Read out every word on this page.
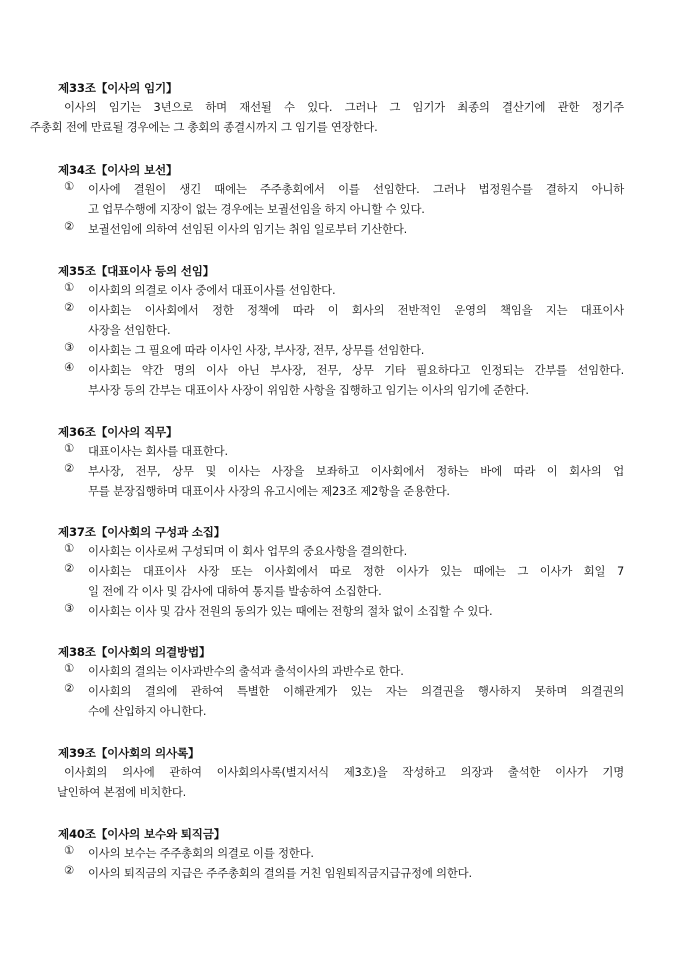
제33조【이사의 임기】
이사의 임기는 3년으로 하며 재선될 수 있다. 그러나 그 임기가 최종의 결산기에 관한 정기주
주총회 전에 만료될 경우에는 그 총회의 종결시까지 그 임기를 연장한다.
제34조【이사의 보선】
①	이사에 결원이 생긴 때에는 주주총회에서 이를 선임한다. 그러나 법정원수를 결하지 아니하
고 업무수행에 지장이 없는 경우에는 보궐선임을 하지 아니할 수 있다.
②	보궐선임에 의하여 선임된 이사의 임기는 취임 일로부터 기산한다.
제35조【대표이사 등의 선임】
①	이사회의 의결로 이사 중에서 대표이사를 선임한다.
②	이사회는 이사회에서 정한 정책에 따라 이 회사의 전반적인 운영의 책임을 지는 대표이사
사장을 선임한다.
③	이사회는 그 필요에 따라 이사인 사장, 부사장, 전무, 상무를 선임한다.
④	이사회는 약간 명의 이사 아닌 부사장, 전무, 상무 기타 필요하다고 인정되는 간부를 선임한다.
부사장 등의 간부는 대표이사 사장이 위임한 사항을 집행하고 임기는 이사의 임기에 준한다.
제36조【이사의 직무】
①	대표이사는 회사를 대표한다.
②	부사장, 전무, 상무 및 이사는 사장을 보좌하고 이사회에서 정하는 바에 따라 이 회사의 업
무를 분장집행하며 대표이사 사장의 유고시에는 제23조 제2항을 준용한다.
제37조【이사회의 구성과 소집】
①	이사회는 이사로써 구성되며 이 회사 업무의 중요사항을 결의한다.
②	이사회는 대표이사 사장 또는 이사회에서 따로 정한 이사가 있는 때에는 그 이사가 회일 7
일 전에 각 이사 및 감사에 대하여 통지를 발송하여 소집한다.
③	이사회는 이사 및 감사 전원의 동의가 있는 때에는 전항의 절차 없이 소집할 수 있다.
제38조【이사회의 의결방법】
①	이사회의 결의는 이사과반수의 출석과 출석이사의 과반수로 한다.
②	이사회의 결의에 관하여 특별한 이해관계가 있는 자는 의결권을 행사하지 못하며 의결권의
수에 산입하지 아니한다.
제39조【이사회의 의사록】
이사회의 의사에 관하여 이사회의사록(별지서식 제3호)을 작성하고 의장과 출석한 이사가 기명
날인하여 본점에 비치한다.
제40조【이사의 보수와 퇴직금】
①	이사의 보수는 주주총회의 의결로 이를 정한다.
②	이사의 퇴직금의 지급은 주주총회의 결의를 거친 임원퇴직금지급규정에 의한다.
